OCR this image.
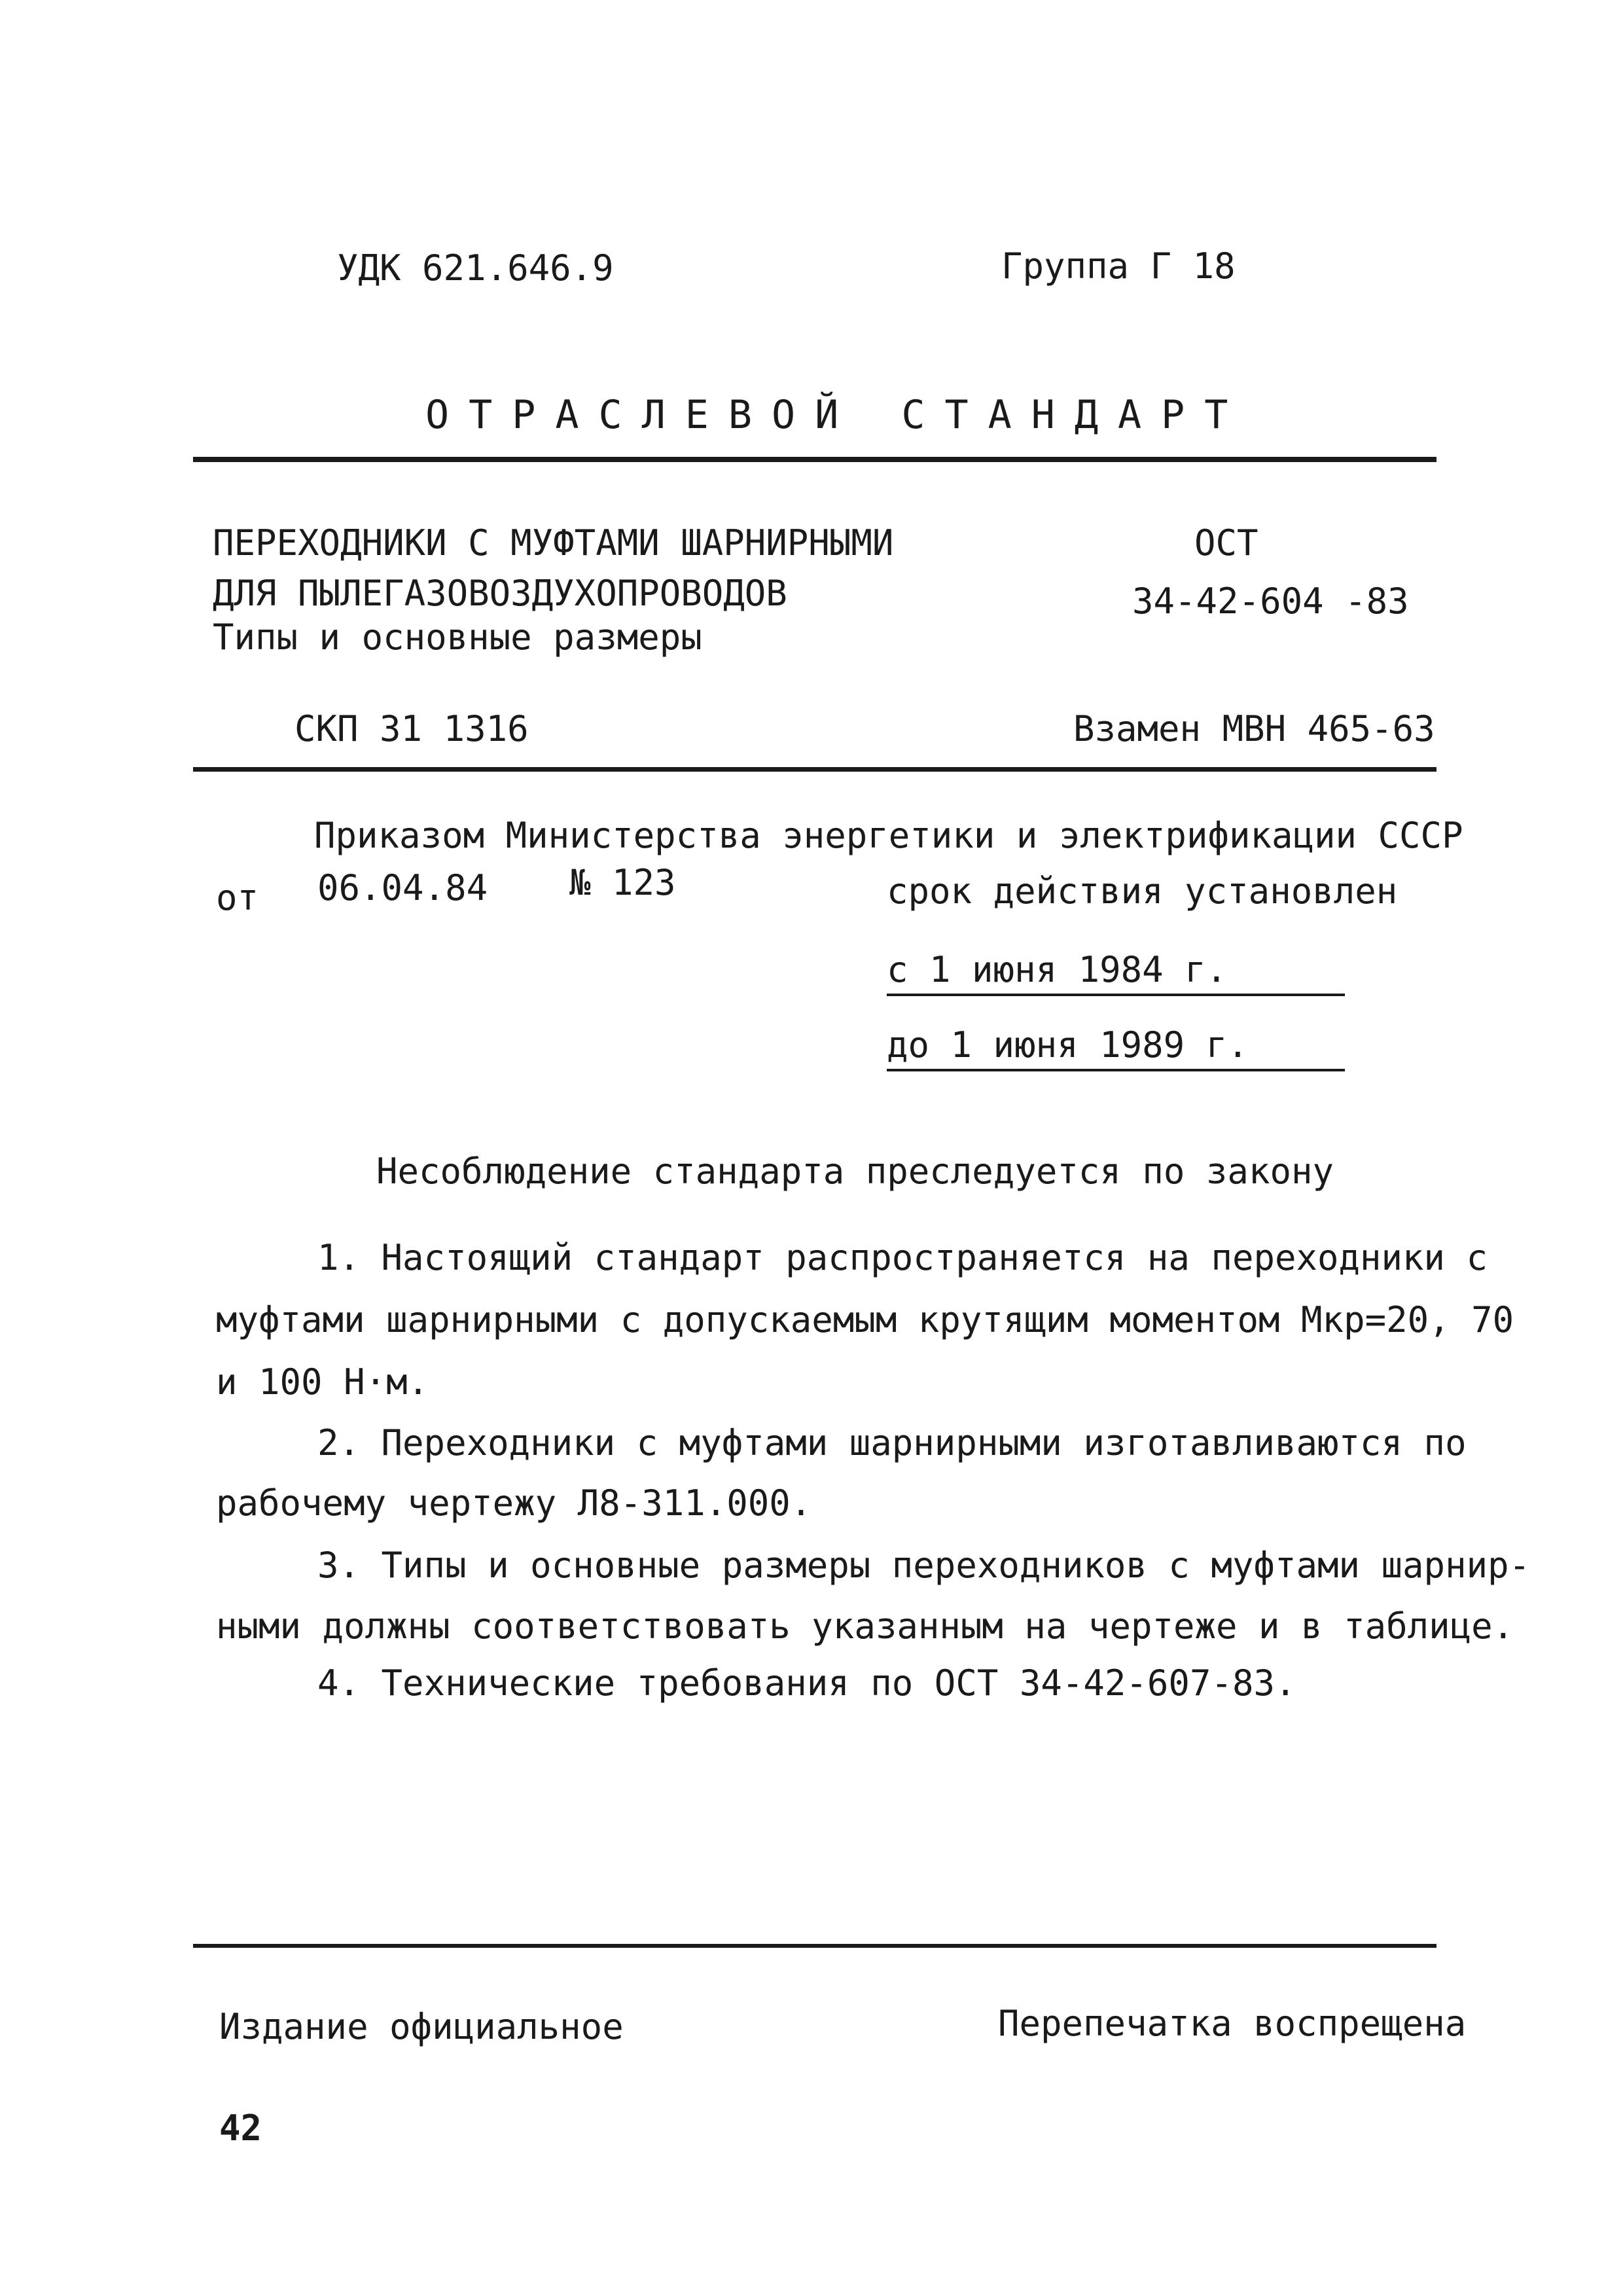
УДК 621.646.9	Группа Г 18
ОТРАСЛЕВОЙ СТАНДАРТ
ПЕРЕХОДНИКИ С МУФТАМИ ШАРНИРНЫМИ
ДЛЯ ПЫЛЕГАЗОВОЗДУХОПРОВОДОВ
Типы и основные размеры
ОСТ
34-42-604 -83
СКП 31 1316	Взамен МВН 465-63
Приказом Министерства энергетики и электрификации СССР
от 06.04.84 № 123	срок действия установлен
с 1 июня 1984 г.
до 1 июня 1989 г.
Несоблюдение стандарта преследуется по закону
1. Настоящий стандарт распространяется на переходники с
муфтами шарнирными с допускаемым крутящим моментом Мкр=20, 70
и 100 Н·м.
2. Переходники с муфтами шарнирными изготавливаются по
рабочему чертежу Л8-311.000.
3. Типы и основные размеры переходников с муфтами шарнир-
ными должны соответствовать указанным на чертеже и в таблице.
4. Технические требования по ОСТ 34-42-607-83.
Издание официальное	Перепечатка воспрещена
42
